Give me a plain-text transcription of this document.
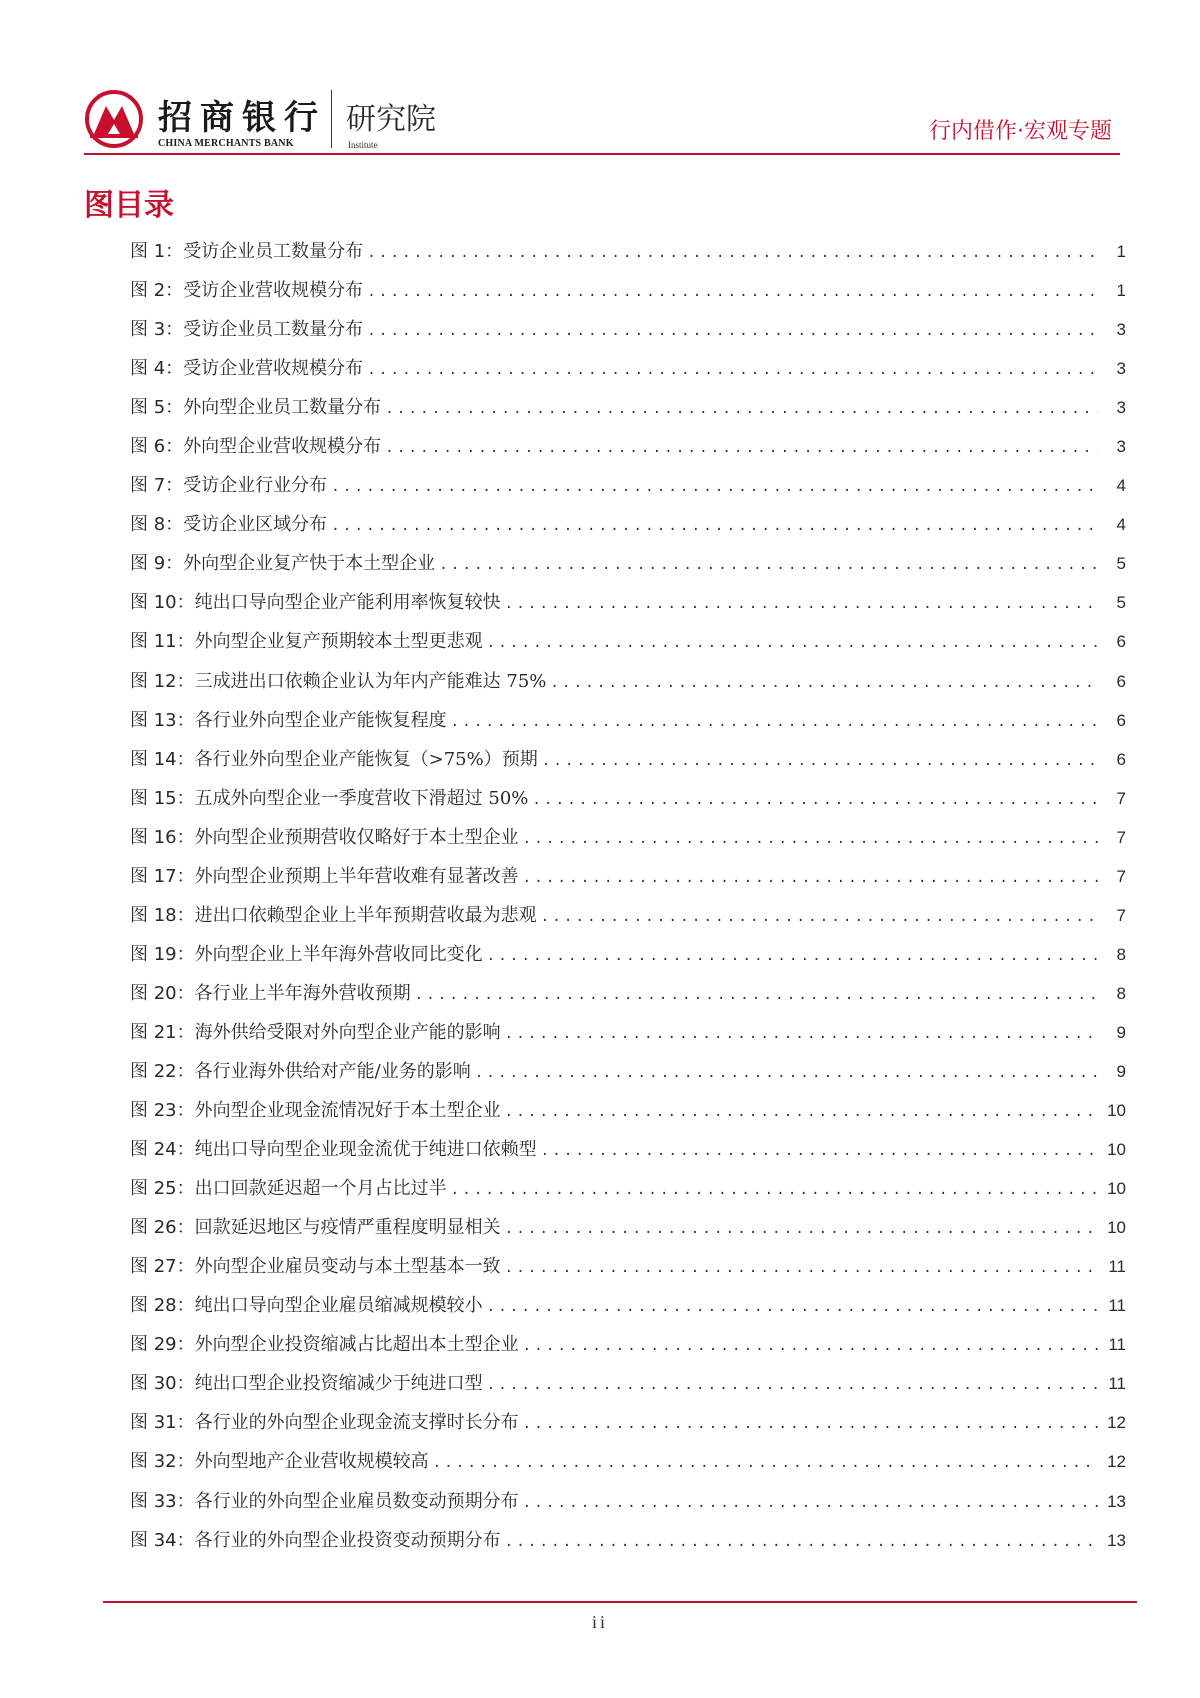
招商银行
CHINA MERCHANTS BANK
研究院
Institute
行内借作·宏观专题
图目录
图 1： 受访企业员工数量分布 .....	1
图 2： 受访企业营收规模分布 .....	1
图 3： 受访企业员工数量分布 .....	3
图 4： 受访企业营收规模分布 .....	3
图 5： 外向型企业员工数量分布 .....	3
图 6： 外向型企业营收规模分布 .....	3
图 7： 受访企业行业分布 .....	4
图 8： 受访企业区域分布 .....	4
图 9： 外向型企业复产快于本土型企业 .....	5
图 10： 纯出口导向型企业产能利用率恢复较快 .....	5
图 11： 外向型企业复产预期较本土型更悲观 .....	6
图 12： 三成进出口依赖企业认为年内产能难达 75% .....	6
图 13： 各行业外向型企业产能恢复程度 .....	6
图 14： 各行业外向型企业产能恢复（>75%）预期 .....	6
图 15： 五成外向型企业一季度营收下滑超过 50% .....	7
图 16： 外向型企业预期营收仅略好于本土型企业 .....	7
图 17： 外向型企业预期上半年营收难有显著改善 .....	7
图 18： 进出口依赖型企业上半年预期营收最为悲观 .....	7
图 19： 外向型企业上半年海外营收同比变化 .....	8
图 20： 各行业上半年海外营收预期 .....	8
图 21： 海外供给受限对外向型企业产能的影响 .....	9
图 22： 各行业海外供给对产能/业务的影响 .....	9
图 23： 外向型企业现金流情况好于本土型企业 .....	10
图 24： 纯出口导向型企业现金流优于纯进口依赖型 .....	10
图 25： 出口回款延迟超一个月占比过半 .....	10
图 26： 回款延迟地区与疫情严重程度明显相关 .....	10
图 27： 外向型企业雇员变动与本土型基本一致 .....	11
图 28： 纯出口导向型企业雇员缩减规模较小 .....	11
图 29： 外向型企业投资缩减占比超出本土型企业 .....	11
图 30： 纯出口型企业投资缩减少于纯进口型 .....	11
图 31： 各行业的外向型企业现金流支撑时长分布 .....	12
图 32： 外向型地产企业营收规模较高 .....	12
图 33： 各行业的外向型企业雇员数变动预期分布 .....	13
图 34： 各行业的外向型企业投资变动预期分布 .....	13
ii
